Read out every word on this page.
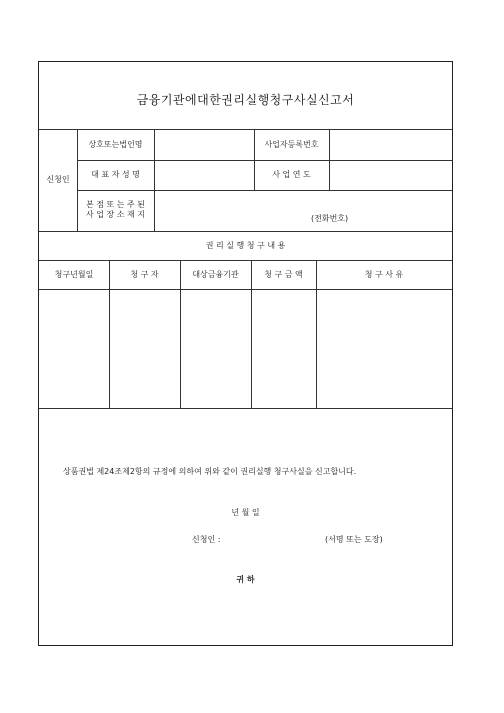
금융기관에대한권리실행청구사실신고서
신청인
상호또는법인명	사업자등록번호
대 표 자 성 명	사 업 연 도
본 점 또 는 주 된
사 업 장 소 재 지	(전화번호)
권 리 실 행 청 구 내 용
청구년월일	청 구 자	대상금융기관	청 구 금 액	청 구 사 유
상품권법 제24조제2항의 규정에 의하여 위와 같이 권리실행 청구사실을 신고합니다.
년 월 일
신청인 :	(서명 또는 도장)
귀 하
